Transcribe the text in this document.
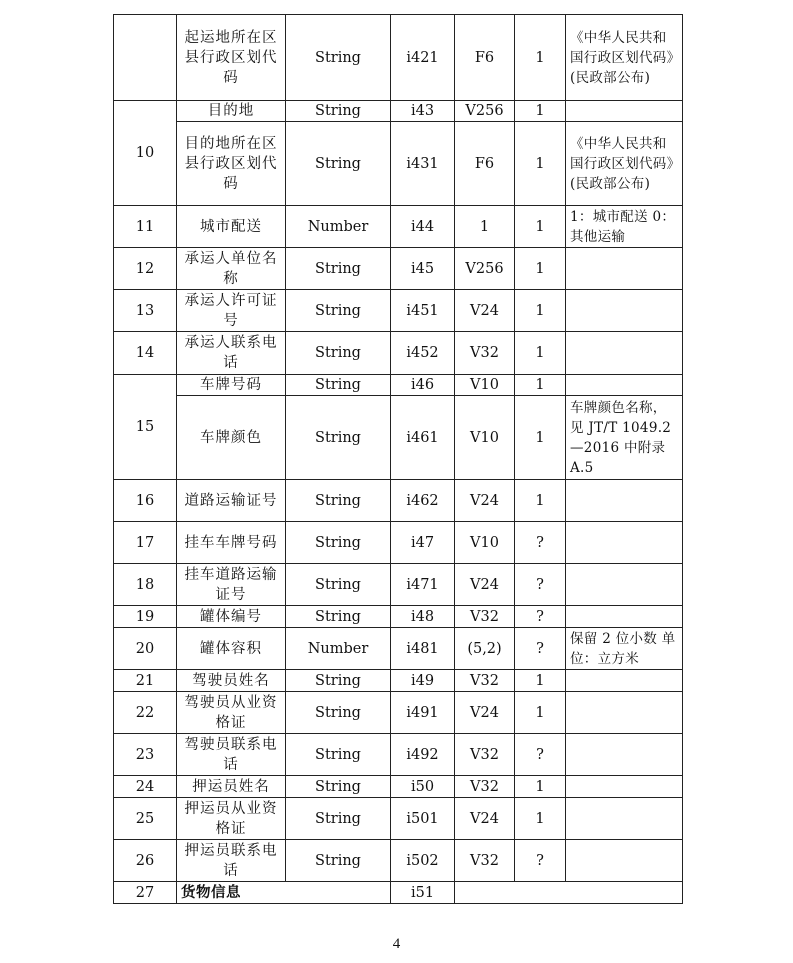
	起运地所在区县行政区划代码	String	i421	F6	1	《中华人民共和国行政区划代码》(民政部公布)
10	目的地	String	i43	V256	1	
	目的地所在区县行政区划代码	String	i431	F6	1	《中华人民共和国行政区划代码》(民政部公布)
11	城市配送	Number	i44	1	1	1：城市配送 0：其他运输
12	承运人单位名称	String	i45	V256	1	
13	承运人许可证号	String	i451	V24	1	
14	承运人联系电话	String	i452	V32	1	
15	车牌号码	String	i46	V10	1	
	车牌颜色	String	i461	V10	1	车牌颜色名称，见 JT/T 1049.2—2016 中附录 A.5
16	道路运输证号	String	i462	V24	1	
17	挂车车牌号码	String	i47	V10	?	
18	挂车道路运输证号	String	i471	V24	?	
19	罐体编号	String	i48	V32	?	
20	罐体容积	Number	i481	(5,2)	?	保留 2 位小数 单位：立方米
21	驾驶员姓名	String	i49	V32	1	
22	驾驶员从业资格证	String	i491	V24	1	
23	驾驶员联系电话	String	i492	V32	?	
24	押运员姓名	String	i50	V32	1	
25	押运员从业资格证	String	i501	V24	1	
26	押运员联系电话	String	i502	V32	?	
27	货物信息		i51			
4
